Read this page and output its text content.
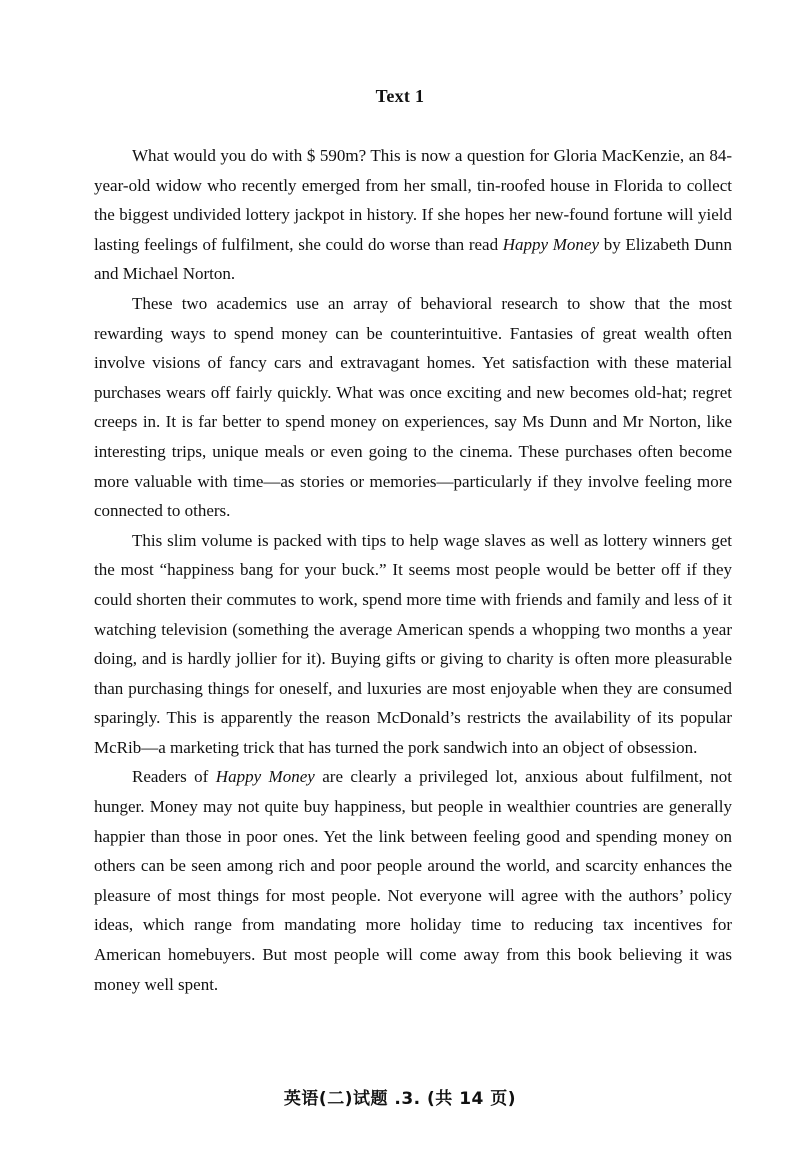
Text 1

What would you do with $ 590m? This is now a question for Gloria MacKenzie, an 84-year-old widow who recently emerged from her small, tin-roofed house in Florida to collect the biggest undivided lottery jackpot in history. If she hopes her new-found fortune will yield lasting feelings of fulfilment, she could do worse than read Happy Money by Elizabeth Dunn and Michael Norton.

These two academics use an array of behavioral research to show that the most rewarding ways to spend money can be counterintuitive. Fantasies of great wealth often involve visions of fancy cars and extravagant homes. Yet satisfaction with these material purchases wears off fairly quickly. What was once exciting and new becomes old-hat; regret creeps in. It is far better to spend money on experiences, say Ms Dunn and Mr Norton, like interesting trips, unique meals or even going to the cinema. These purchases often become more valuable with time—as stories or memories—particularly if they involve feeling more connected to others.

This slim volume is packed with tips to help wage slaves as well as lottery winners get the most “happiness bang for your buck.” It seems most people would be better off if they could shorten their commutes to work, spend more time with friends and family and less of it watching television (something the average American spends a whopping two months a year doing, and is hardly jollier for it). Buying gifts or giving to charity is often more pleasurable than purchasing things for oneself, and luxuries are most enjoyable when they are consumed sparingly. This is apparently the reason McDonald’s restricts the availability of its popular McRib—a marketing trick that has turned the pork sandwich into an object of obsession.

Readers of Happy Money are clearly a privileged lot, anxious about fulfilment, not hunger. Money may not quite buy happiness, but people in wealthier countries are generally happier than those in poor ones. Yet the link between feeling good and spending money on others can be seen among rich and poor people around the world, and scarcity enhances the pleasure of most things for most people. Not everyone will agree with the authors’ policy ideas, which range from mandating more holiday time to reducing tax incentives for American homebuyers. But most people will come away from this book believing it was money well spent.

英语(二)试题 .3. (共 14 页)
